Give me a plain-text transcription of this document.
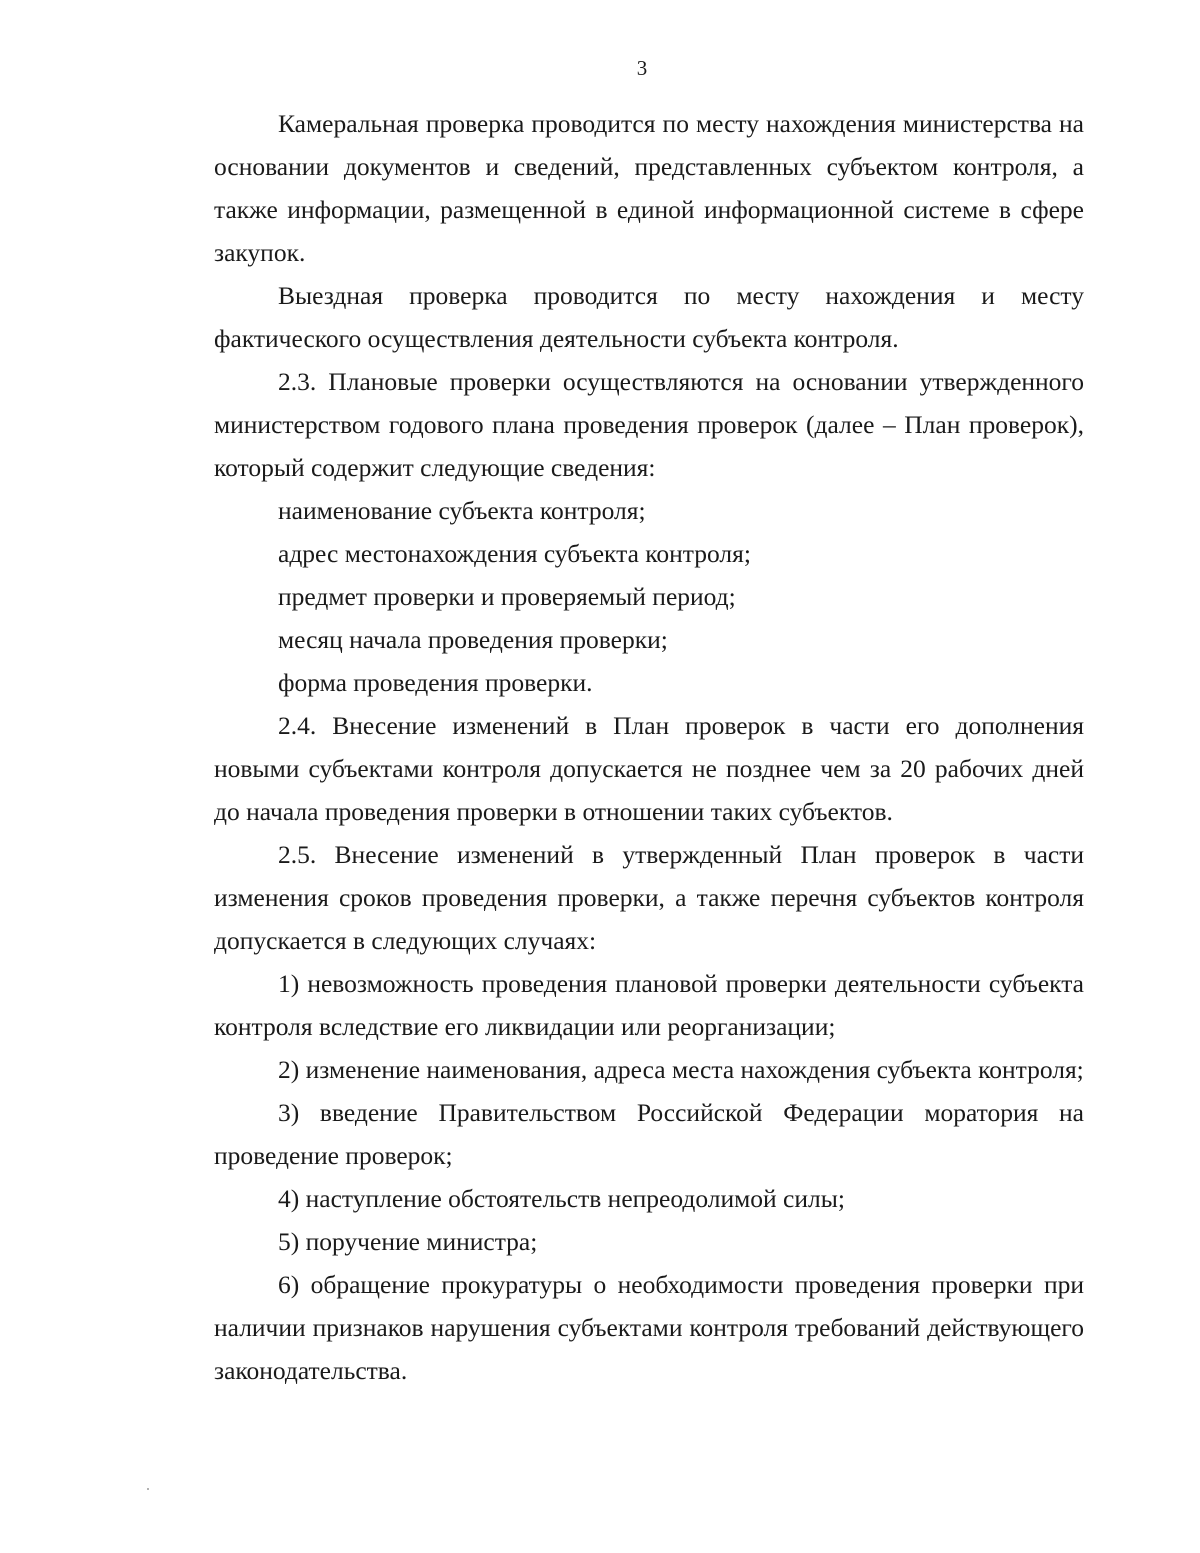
3

Камеральная проверка проводится по месту нахождения министерства на основании документов и сведений, представленных субъектом контроля, а также информации, размещенной в единой информационной системе в сфере закупок.

Выездная проверка проводится по месту нахождения и месту фактического осуществления деятельности субъекта контроля.

2.3. Плановые проверки осуществляются на основании утвержденного министерством годового плана проведения проверок (далее – План проверок), который содержит следующие сведения:

наименование субъекта контроля;

адрес местонахождения субъекта контроля;

предмет проверки и проверяемый период;

месяц начала проведения проверки;

форма проведения проверки.

2.4. Внесение изменений в План проверок в части его дополнения новыми субъектами контроля допускается не позднее чем за 20 рабочих дней до начала проведения проверки в отношении таких субъектов.

2.5. Внесение изменений в утвержденный План проверок в части изменения сроков проведения проверки, а также перечня субъектов контроля допускается в следующих случаях:

1) невозможность проведения плановой проверки деятельности субъекта контроля вследствие его ликвидации или реорганизации;

2) изменение наименования, адреса места нахождения субъекта контроля;

3) введение Правительством Российской Федерации моратория на проведение проверок;

4) наступление обстоятельств непреодолимой силы;

5) поручение министра;

6) обращение прокуратуры о необходимости проведения проверки при наличии признаков нарушения субъектами контроля требований действующего законодательства.
